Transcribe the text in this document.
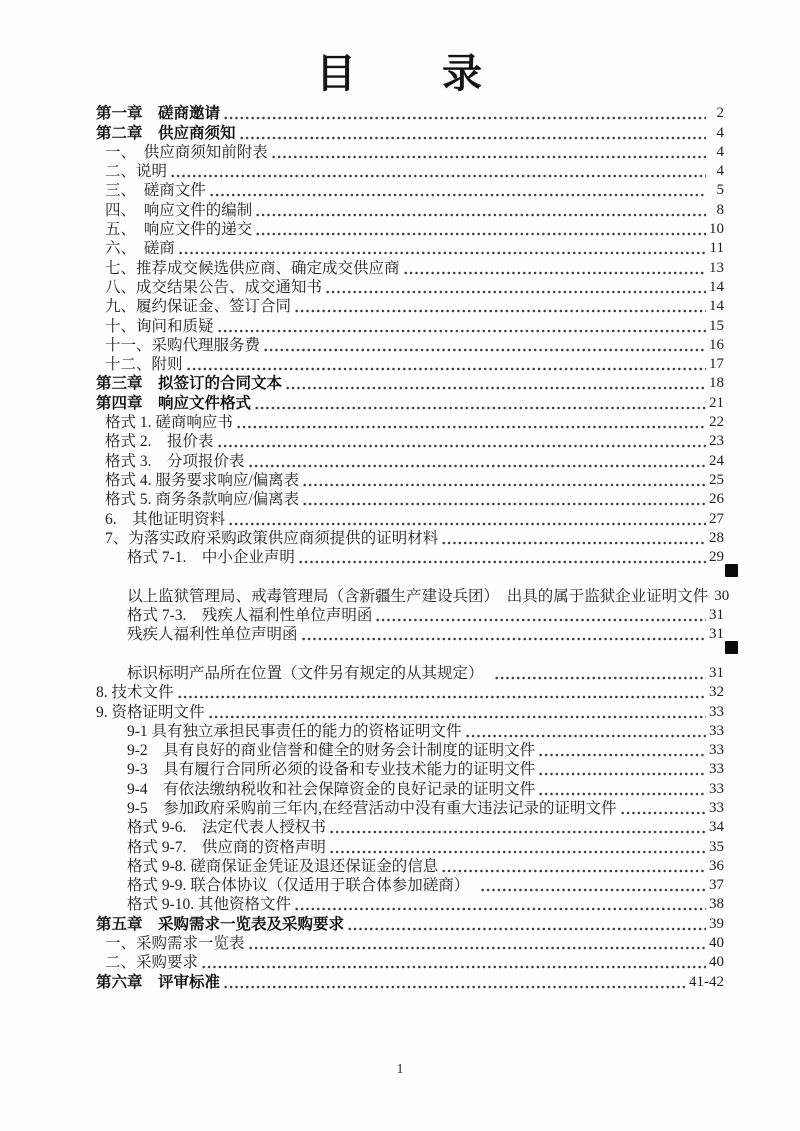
目　　录
第一章　磋商邀请	2
第二章　供应商须知	4
一、　供应商须知前附表	4
二、说明	4
三、　磋商文件	5
四、　响应文件的编制	8
五、　响应文件的递交	10
六、　磋商	11
七、推荐成交候选供应商、确定成交供应商	13
八、成交结果公告、成交通知书	14
九、履约保证金、签订合同	14
十、询问和质疑	15
十一、采购代理服务费	16
十二、附则	17
第三章　拟签订的合同文本	18
第四章　响应文件格式	21
格式 1. 磋商响应书	22
格式 2.　报价表	23
格式 3.　分项报价表	24
格式 4. 服务要求响应/偏离表	25
格式 5. 商务条款响应/偏离表	26
6.　其他证明资料	27
7、为落实政府采购政策供应商须提供的证明材料	28
格式 7-1.　中小企业声明	29
以上监狱管理局、戒毒管理局（含新疆生产建设兵团）　出具的属于监狱企业证明文件 30
格式 7-3.　残疾人福利性单位声明函	31
残疾人福利性单位声明函	31
标识标明产品所在位置（文件另有规定的从其规定）　	31
8. 技术文件	32
9. 资格证明文件	33
9-1 具有独立承担民事责任的能力的资格证明文件	33
9-2　具有良好的商业信誉和健全的财务会计制度的证明文件	33
9-3　具有履行合同所必须的设备和专业技术能力的证明文件	33
9-4　有依法缴纳税收和社会保障资金的良好记录的证明文件	33
9-5　参加政府采购前三年内,在经营活动中没有重大违法记录的证明文件	33
格式 9-6.　法定代表人授权书	34
格式 9-7.　供应商的资格声明	35
格式 9-8. 磋商保证金凭证及退还保证金的信息	36
格式 9-9. 联合体协议（仅适用于联合体参加磋商）　	37
格式 9-10. 其他资格文件	38
第五章　采购需求一览表及采购要求	39
一、采购需求一览表	40
二、采购要求	40
第六章　评审标准	41-42
1
